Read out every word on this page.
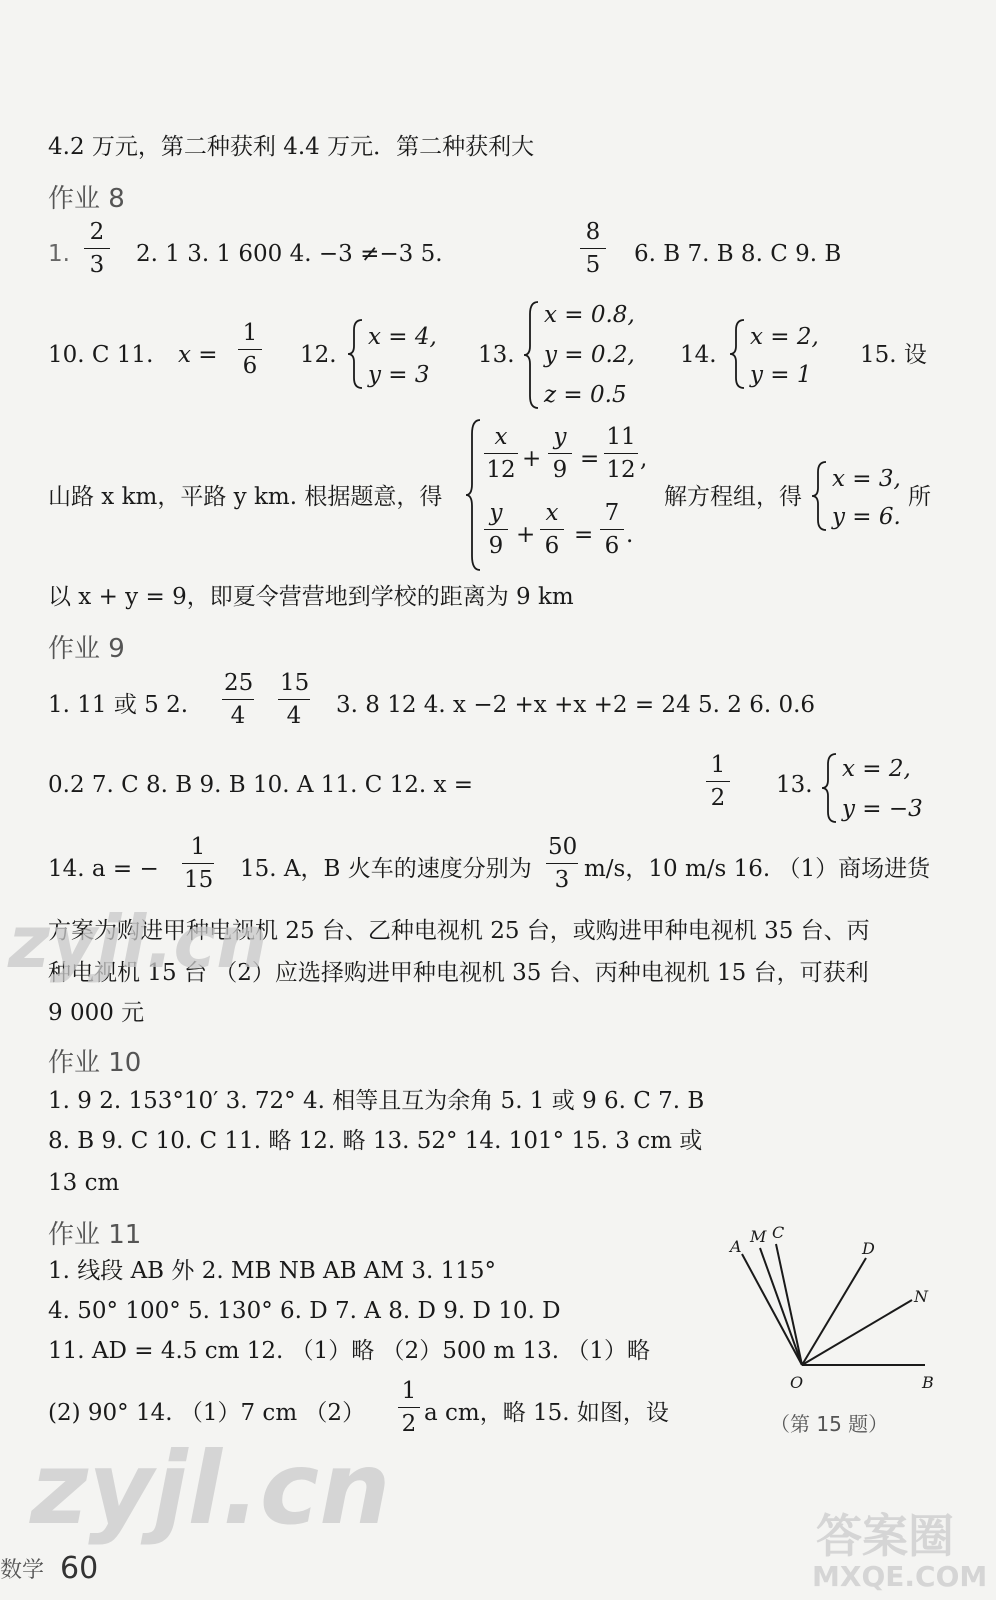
4.2 万元，第二种获利 4.4 万元．第二种获利大
作业 8
1.
2
3 2. 1 3. 1 600 4. −3 ≠−3 5.
8
5 6. B 7. B 8. C 9. B
10. C 11. x =
1
6 12.
x = 4,
y = 3
13.
x = 0.8,
y = 0.2,
z = 0.5
14.
x = 2,
y = 1
15. 设
山路 x km，平路 y km. 根据题意，得
x
12 +
y
9 =
11
12 ,
y
9 +
x
6 =
7
6 .
解方程组，得
x = 3,
y = 6.
所
以 x + y = 9，即夏令营营地到学校的距离为 9 km
作业 9
1. 11 或 5 2.
25
4
15
4	3. 8 12 4. x −2 +x +x +2 = 24 5. 2 6. 0.6
0.2 7. C 8. B 9. B 10. A 11. C 12. x =
1
2 13.
x = 2,
y = −3
14. a = −
1
15 15. A，B 火车的速度分别为
50
3 m/s，10 m/s 16. （1）商场进货
方案为购进甲种电视机 25 台、乙种电视机 25 台，或购进甲种电视机 35 台、丙
种电视机 15 台 （2）应选择购进甲种电视机 35 台、丙种电视机 15 台，可获利
9 000 元
作业 10
1. 9 2. 153°10′ 3. 72° 4. 相等且互为余角 5. 1 或 9 6. C 7. B
8. B 9. C 10. C 11. 略 12. 略 13. 52° 14. 101° 15. 3 cm 或
13 cm
作业 11
1. 线段 AB 外 2. MB NB AB AM 3. 115°
4. 50° 100° 5. 130° 6. D 7. A 8. D 9. D 10. D
11. AD = 4.5 cm 12. （1）略 （2）500 m 13. （1）略
(2) 90° 14. （1）7 cm （2）
1
2 a cm，略 15. 如图，设
A
M C
D
N
O	B
（第 15 题）
数学 60
zyjl.cn
zyjl.cn	答案圈
MXQE.COM
